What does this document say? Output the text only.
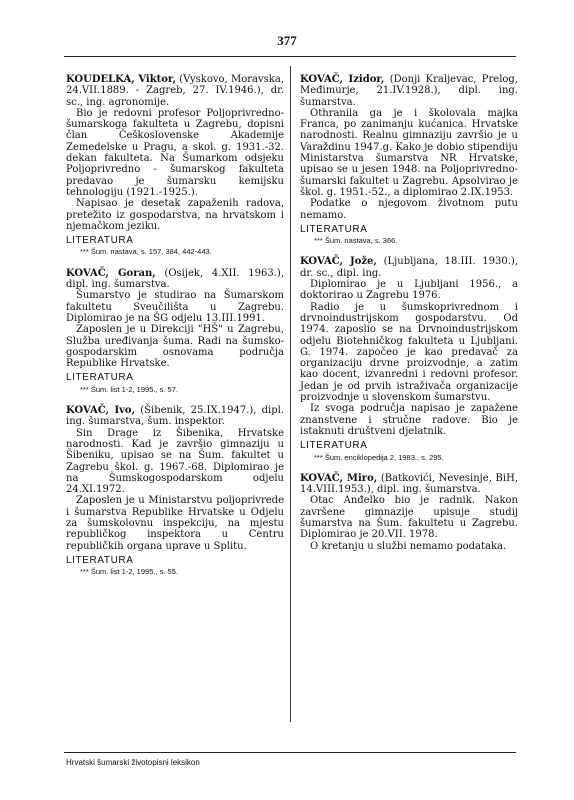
377

KOUDELKA, Viktor, (Vyskovo, Moravska, 24.VII.1889. - Zagreb, 27. IV.1946.), dr. sc., ing. agronomije.

Bio je redovni profesor Poljoprivredno-šumarskoga fakulteta u Zagrebu, dopisni član Češkoslovenske Akademije Zemedelske u Pragu, a skol. g. 1931.-32. dekan fakulteta. Na Šumarkom odsjeku Poljoprivredno - šumarskog fakulteta predavao je šumarsku kemijsku tehnologiju (1921.-1925.).

Napisao je desetak zapaženih radova, pretežito iz gospodarstva, na hrvatskom i njemačkom jeziku.

LITERATURA

*** Šum. nastava, s. 157, 384, 442-443.

KOVAČ, Goran, (Osijek, 4.XII. 1963.), dipl. ing. šumarstva.

Šumarstvo je studirao na Šumarskom fakultetu Sveučilišta u Zagrebu. Diplomirao je na ŠG odjelu 13.III.1991.

Zaposlen je u Direkciji "HŠ" u Zagrebu, Služba uređivanja šuma. Radi na šumsko-gospodarskim osnovama područja Republike Hrvatske.

LITERATURA

*** Šum. list 1-2, 1995., s. 57.

KOVAČ, Ivo, (Šibenik, 25.IX.1947.), dipl. ing. šumarstva, šum. inspektor.

Sin Drage iz Šibenika, Hrvatske narodnosti. Kad je završio gimnaziju u Šibeniku, upisao se na Šum. fakultet u Zagrebu škol. g. 1967.-68. Diplomirao je na Šumskogospodarskom odjelu 24.XI.1972.

Zaposlen je u Ministarstvu poljoprivrede i šumarstva Republike Hrvatske u Odjelu za šumskolovnu inspekciju, na mjestu republičkog inspektora u Centru republičkih organa uprave u Splitu.

LITERATURA

*** Šum. list 1-2, 1995., s. 55.

KOVAČ, Izidor, (Donji Kraljevac, Prelog, Međimurje, 21.IV.1928.), dipl. ing. šumarstva.

Othranila ga je i školovala majka Franca, po zanimanju kućanica. Hrvatske narodnosti. Realnu gimnaziju završio je u Varaždinu 1947.g. Kako je dobio stipendiju Ministarstva šumarstva NR Hrvatske, upisao se u jesen 1948. na Poljoprivredno-šumarski fakultet u Zagrebu. Apsolvirao je škol. g. 1951.-52., a diplomirao 2.IX.1953.

Podatke o njegovom životnom putu nemamo.

LITERATURA

*** Šum. nastava, s. 366.

KOVAČ, Jože, (Ljubljana, 18.III. 1930.), dr. sc., dipl. ing.

Diplomirao je u Ljubljani 1956., a doktorirao u Zagrebu 1976.

Radio je u šumskoprivrednom i drvnoindustrijskom gospodarstvu. Od 1974. zaposlio se na Drvnoindustrijskom odjelu Biotehničkog fakulteta u Ljubljani. G. 1974. započeo je kao predavač za organizaciju drvne proizvodnje, a zatim kao docent, izvanredni i redovni profesor. Jedan je od prvih istraživača organizacije proizvodnje u slovenskom šumarstvu.

Iz svoga područja napisao je zapažene znanstvene i stručne radove. Bio je istaknuti društveni djelatnik.

LITERATURA

*** Šum. enciklopedija 2, 1983., s. 295.

KOVAČ, Miro, (Batkovići, Nevesinje, BiH, 14.VIII.1953.), dipl. ing. šumarstva.

Otac Anđelko bio je radnik. Nakon završene gimnazije upisuje studij šumarstva na Šum. fakultetu u Zagrebu. Diplomirao je 20.VII. 1978.

O kretanju u službi nemamo podataka.

Hrvatski šumarski životopisni leksikon
